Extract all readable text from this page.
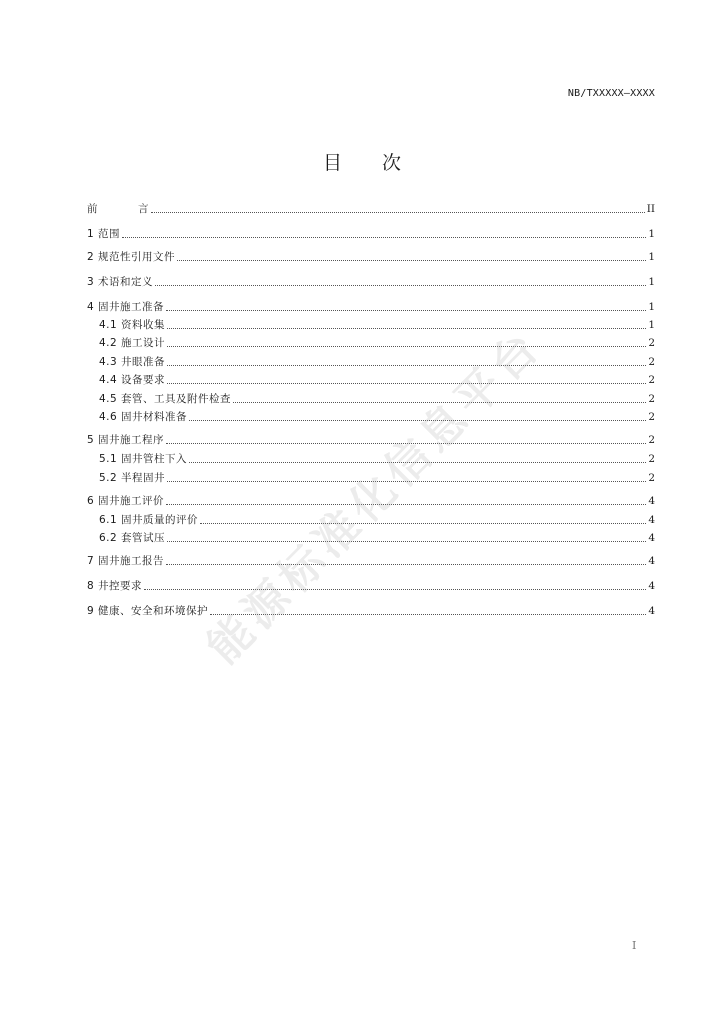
NB/TXXXXX—XXXX
目次
前	言	II
1 范围	1
2 规范性引用文件	1
3 术语和定义	1
4 固井施工准备	1
4.1 资料收集	1
4.2 施工设计	2
4.3 井眼准备	2
4.4 设备要求	2
4.5 套管、工具及附件检查	2
4.6 固井材料准备	2
5 固井施工程序	2
5.1 固井管柱下入	2
5.2 半程固井	2
6 固井施工评价	4
6.1 固井质量的评价	4
6.2 套管试压	4
7 固井施工报告	4
8 井控要求	4
9 健康、安全和环境保护	4
能源标准化信息平台
I
